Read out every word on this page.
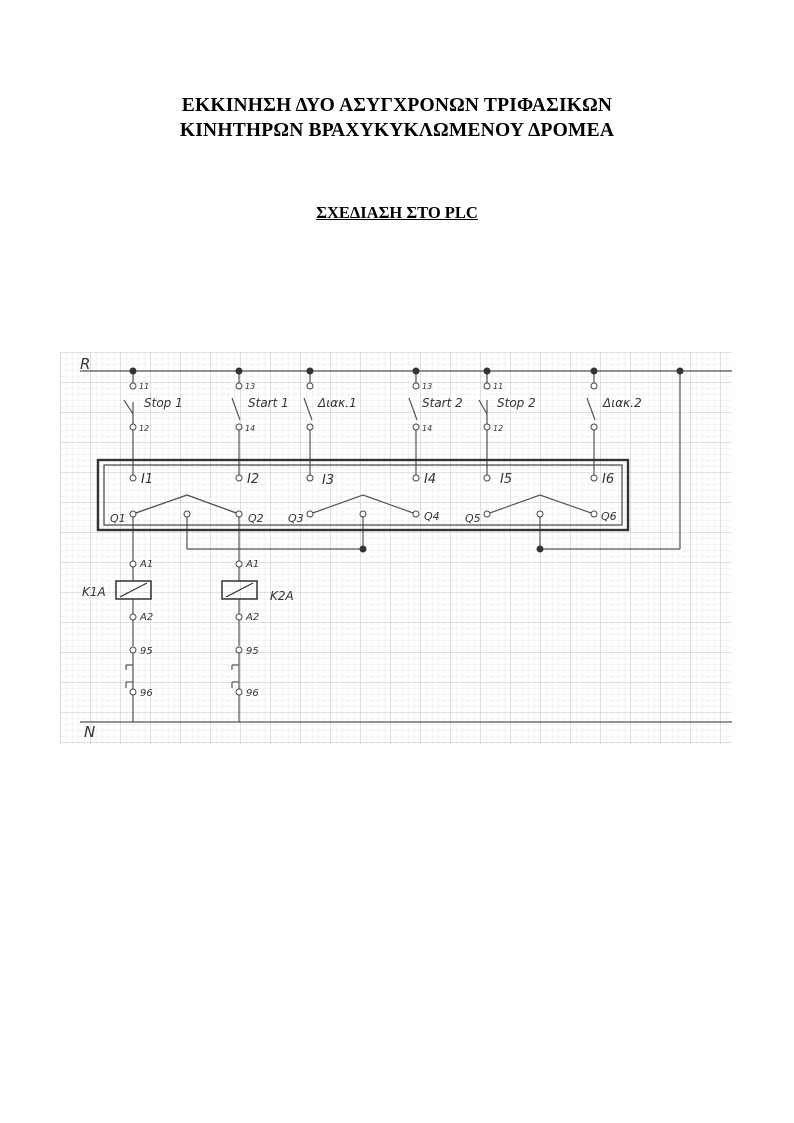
ΕΚΚΙΝΗΣΗ ΔΥΟ ΑΣΥΓΧΡΟΝΩΝ ΤΡΙΦΑΣΙΚΩΝ
ΚΙΝΗΤΗΡΩΝ ΒΡΑΧΥΚΥΚΛΩΜΕΝΟΥ ΔΡΟΜΕΑ
ΣΧΕΔΙΑΣΗ ΣΤΟ PLC
R
N
Stop 1	Start 1 Διακ.1	Start 2	Stop 2	Διακ.2
11
12
13
14
13
14
11
12
I1	I2	I3	I4	I5	I6
Q1	Q2 Q3	Q4 Q5	Q6
K1A	K2A
A1
A2
95
96
A1
A2
95
96
